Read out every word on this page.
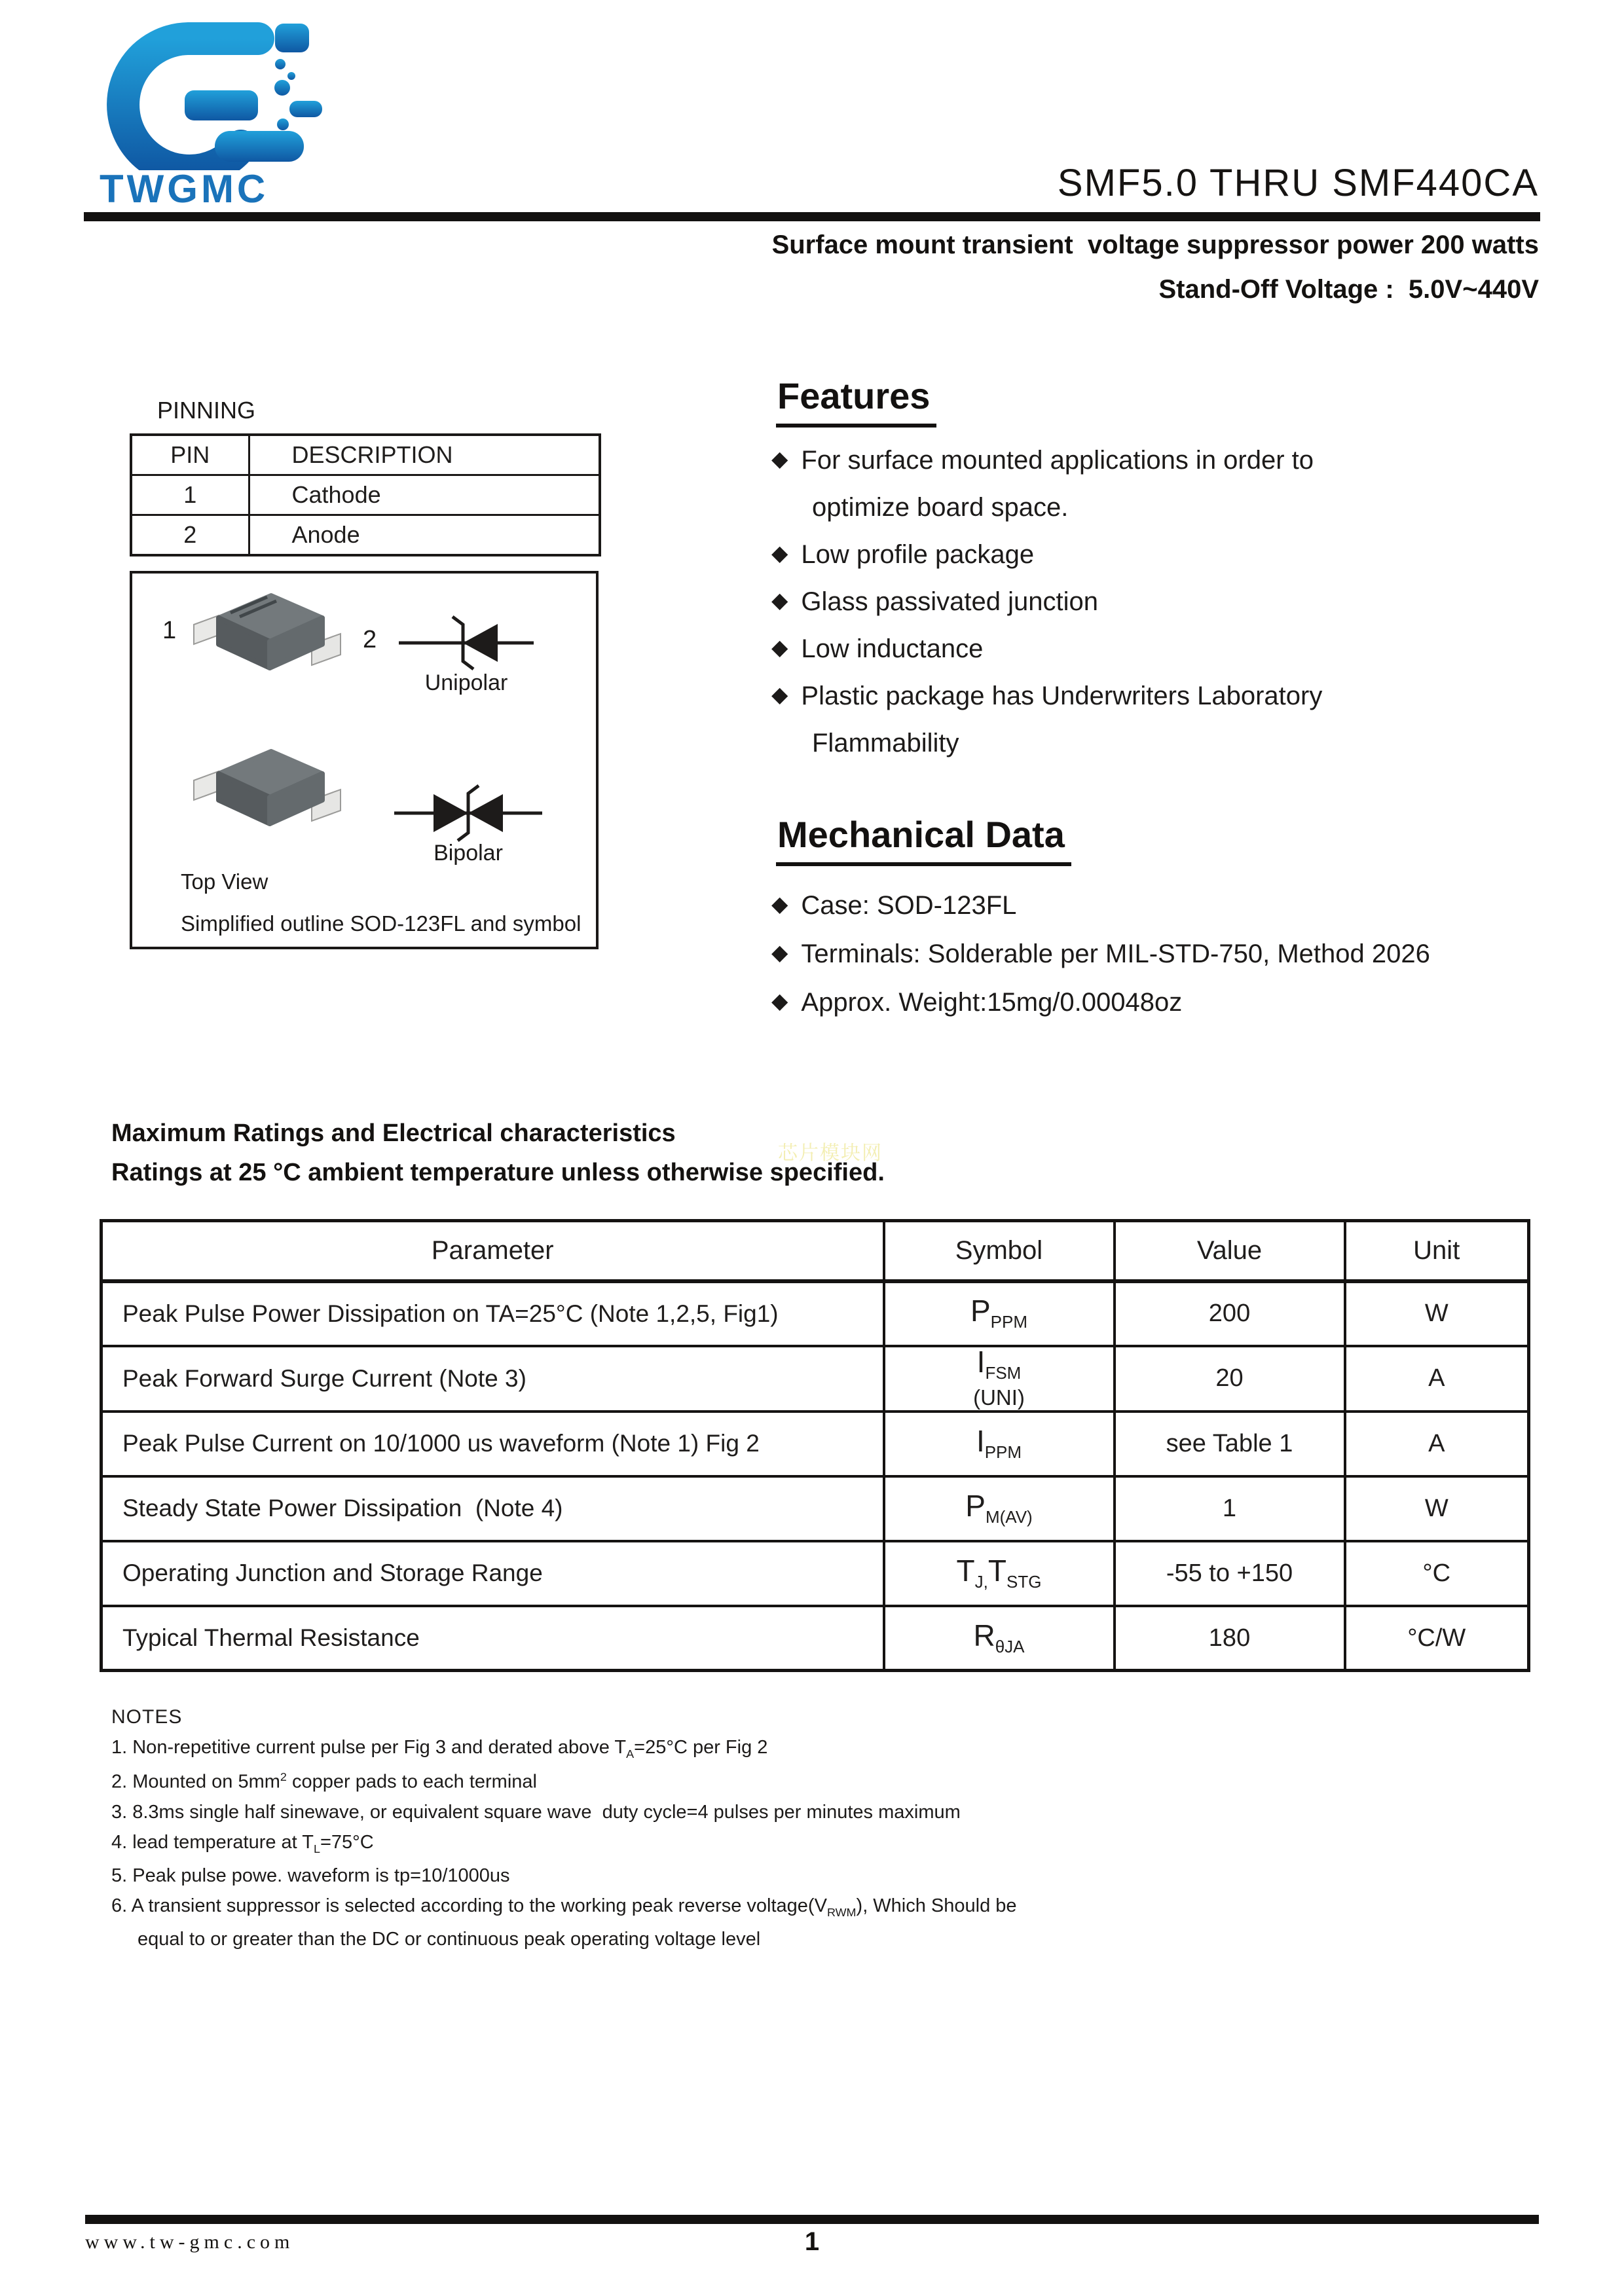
TWGMC	SMF5.0 THRU SMF440CA
Surface mount transient  voltage suppressor power 200 watts
Stand-Off Voltage :  5.0V~440V
PINNING
PIN	DESCRIPTION
1	Cathode
2	Anode
1	2
Unipolar
Bipolar
Top View
Simplified outline SOD-123FL and symbol
Features
◆ For surface mounted applications in order to
optimize board space.
◆ Low profile package
◆ Glass passivated junction
◆ Low inductance
◆ Plastic package has Underwriters Laboratory
Flammability
Mechanical Data
◆ Case: SOD-123FL
◆ Terminals: Solderable per MIL-STD-750, Method 2026
◆ Approx. Weight:15mg/0.00048oz
Maximum Ratings and Electrical characteristics
Ratings at 25 °C ambient temperature unless otherwise specified.
芯片模块网
Parameter	Symbol	Value	Unit
Peak Pulse Power Dissipation on TA=25°C (Note 1,2,5, Fig1)	$P_{PPM}$	200	W
Peak Forward Surge Current (Note 3)	$I_{FSM}$
(UNI)	20	A
Peak Pulse Current on 10/1000 us waveform (Note 1) Fig 2	$I_{PPM}$	see Table 1	A
Steady State Power Dissipation  (Note 4)	$P_{M(AV)}$	1	W
Operating Junction and Storage Range	$T_{J,}T_{STG}$	-55 to +150	°C
Typical Thermal Resistance	$R_{\theta JA}$	180	°C/W
NOTES
1. Non-repetitive current pulse per Fig 3 and derated above $T_A=25^\circ C$ per Fig 2
2. Mounted on $5mm^2$ copper pads to each terminal
3. 8.3ms single half sinewave, or equivalent square wave  duty cycle=4 pulses per minutes maximum
4. lead temperature at $T_L=75^\circ C$
5. Peak pulse powe. waveform is tp=10/1000us
6. A transient suppressor is selected according to the working peak reverse $voltage(V_{RWM})$, Which Should be
equal to or greater than the DC or continuous peak operating voltage level
www.tw-gmc.com	1
